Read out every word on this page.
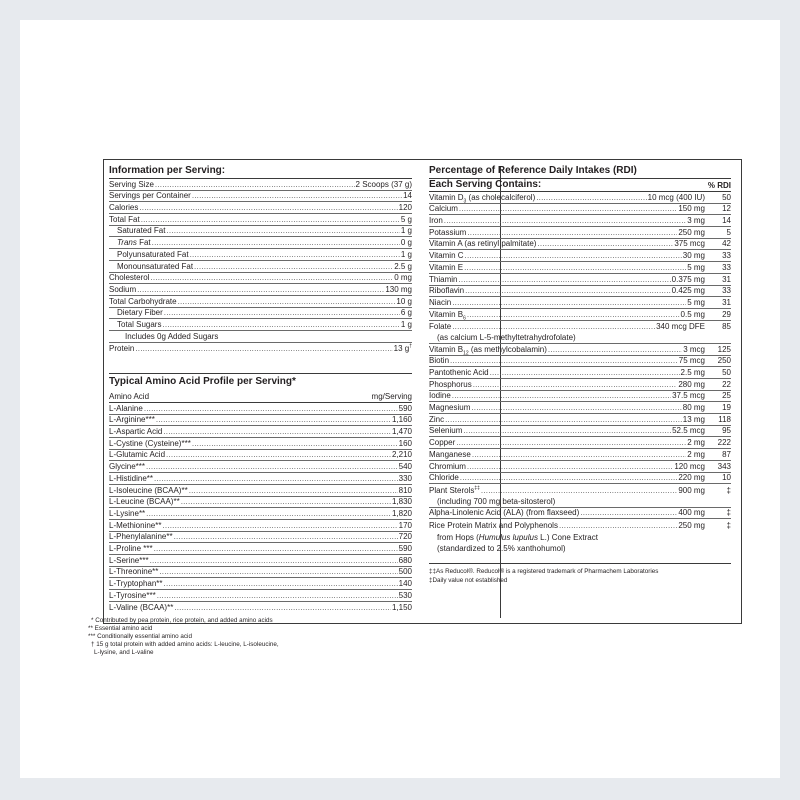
Information per Serving:
Serving Size .....	2 Scoops (37 g)
Servings per Container .....	14
Calories .....	120
Total Fat .....	5 g
Saturated Fat .....	1 g
Trans Fat .....	0 g
Polyunsaturated Fat .....	1 g
Monounsaturated Fat .....	2.5 g
Cholesterol .....	0 mg
Sodium .....	130 mg
Total Carbohydrate .....	10 g
Dietary Fiber .....	6 g
Total Sugars .....	1 g
Includes 0g Added Sugars
Protein .....	13 g†
Typical Amino Acid Profile per Serving*
Amino Acid	mg/Serving
L-Alanine .....	590
L-Arginine*** .....	1,160
L-Aspartic Acid .....	1,470
L-Cystine (Cysteine)*** .....	160
L-Glutamic Acid .....	2,210
Glycine*** .....	540
L-Histidine** .....	330
L-Isoleucine (BCAA)** .....	810
L-Leucine (BCAA)** .....	1,830
L-Lysine** .....	1,820
L-Methionine** .....	170
L-Phenylalanine** .....	720
L-Proline *** .....	590
L-Serine*** .....	680
L-Threonine** .....	500
L-Tryptophan** .....	140
L-Tyrosine*** .....	530
L-Valine (BCAA)** .....	1,150
Percentage of Reference Daily Intakes (RDI)
Each Serving Contains:	% RDI
Vitamin $D_3$ (as cholecalciferol) .....	10 mcg (400 IU)	50
Calcium .....	150 mg	12
Iron .....	3 mg	14
Potassium .....	250 mg	5
Vitamin A (as retinyl palmitate) .....	375 mcg	42
Vitamin C .....	30 mg	33
Vitamin E .....	5 mg	33
Thiamin .....	0.375 mg	31
Riboflavin .....	0.425 mg	33
Niacin .....	5 mg	31
Vitamin $B_6$ .....	0.5 mg	29
Folate .....	340 mcg DFE	85
(as calcium L-5-methyltetrahydrofolate)
Vitamin $B_{12}$ (as methylcobalamin) .....	3 mcg	125
Biotin .....	75 mcg	250
Pantothenic Acid .....	2.5 mg	50
Phosphorus .....	280 mg	22
Iodine .....	37.5 mcg	25
Magnesium .....	80 mg	19
Zinc .....	13 mg	118
Selenium .....	52.5 mcg	95
Copper .....	2 mg	222
Manganese .....	2 mg	87
Chromium .....	120 mcg	343
Chloride .....	220 mg	10
Plant Sterols‡‡ .....	900 mg	‡
(including 700 mg beta-sitosterol)
Alpha-Linolenic Acid (ALA) (from flaxseed) .....	400 mg	‡
Rice Protein Matrix and Polyphenols .....	250 mg	‡
from Hops (Humulus lupulus L.) Cone Extract
(standardized to 2.5% xanthohumol)
‡‡As Reducol®. Reducol® is a registered trademark of Pharmachem Laboratories
‡Daily value not established
* Contributed by pea protein, rice protein, and added amino acids
** Essential amino acid
*** Conditionally essential amino acid
† 15 g total protein with added amino acids: L-leucine, L-isoleucine,
L-lysine, and L-valine
